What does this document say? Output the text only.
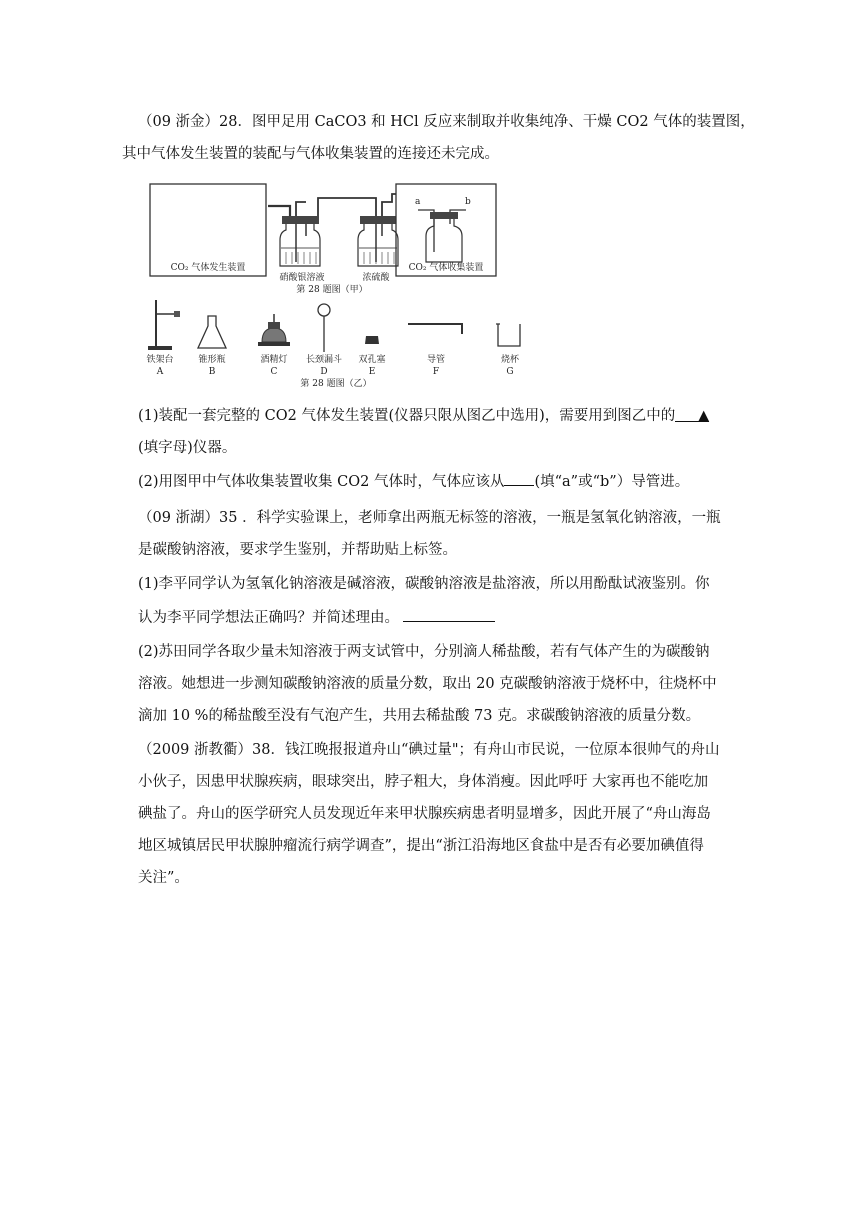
（09 浙金）28．图甲足用 CaCO3 和 HCl 反应来制取并收集纯净、干燥 CO2 气体的装置图，
其中气体发生装置的装配与气体收集装置的连接还未完成。
CO₂ 气体发生装置
硝酸银溶液	浓硫酸
a	b
CO₂ 气体收集装置
第 28 题图（甲）
铁架台	锥形瓶	酒精灯 长颈漏斗 双孔塞	导管	烧杯
A	B	C	D	E	F	G
第 28 题图（乙）
(1)装配一套完整的 CO2 气体发生装置(仪器只限从图乙中选用)，需要用到图乙中的 ▲
(填字母)仪器。
(2)用图甲中气体收集装置收集 CO2 气体时，气体应该从 (填“a”或“b”）导管进。
（09 浙湖）35 ．科学实验课上，老师拿出两瓶无标签的溶液，一瓶是氢氧化钠溶液，一瓶
是碳酸钠溶液，要求学生鉴别，并帮助贴上标签。
(1)李平同学认为氢氧化钠溶液是碱溶液，碳酸钠溶液是盐溶液，所以用酚酞试液鉴别。你
认为李平同学想法正确吗？并简述理由。
(2)苏田同学各取少量未知溶液于两支试管中，分别滴人稀盐酸，若有气体产生的为碳酸钠
溶液。她想进一步测知碳酸钠溶液的质量分数，取出 20 克碳酸钠溶液于烧杯中，往烧杯中
滴加 10 %的稀盐酸至没有气泡产生，共用去稀盐酸 73 克。求碳酸钠溶液的质量分数。
（2009 浙教衢）38．钱江晚报报道舟山“碘过量"；有舟山市民说，一位原本很帅气的舟山
小伙子，因患甲状腺疾病，眼球突出，脖子粗大，身体消瘦。因此呼吁 大家再也不能吃加
碘盐了。舟山的医学研究人员发现近年来甲状腺疾病患者明显增多，因此开展了“舟山海岛
地区城镇居民甲状腺肿瘤流行病学调查”，提出“浙江沿海地区食盐中是否有必要加碘值得
关注”。
